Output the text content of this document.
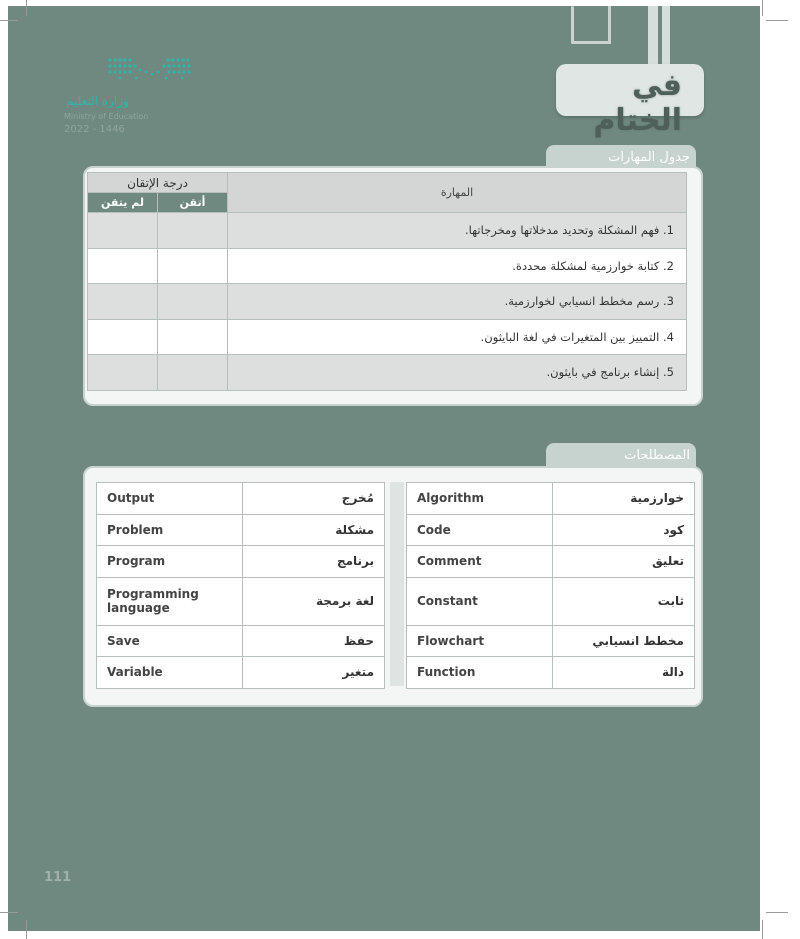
وزارة التعليم
Ministry of Education
2022 - 1446
في الختام
جدول المهارات
المصطلحات
111
المهارة	درجة الإتقان	
	أتقن	لم يتقن
1. فهم المشكلة وتحديد مدخلاتها ومخرجاتها.		
2. كتابة خوارزمية لمشكلة محددة.		
3. رسم مخطط انسيابي لخوارزمية.		
4. التمييز بين المتغيرات في لغة البايثون.		
5. إنشاء برنامج في بايثون.		
Output	مُخرج
Problem	مشكلة
Program	برنامج
Programming language	لغة برمجة
Save	حفظ
Variable	متغير
Algorithm	خوارزمية
Code	كود
Comment	تعليق
Constant	ثابت
Flowchart	مخطط انسيابي
Function	دالة
